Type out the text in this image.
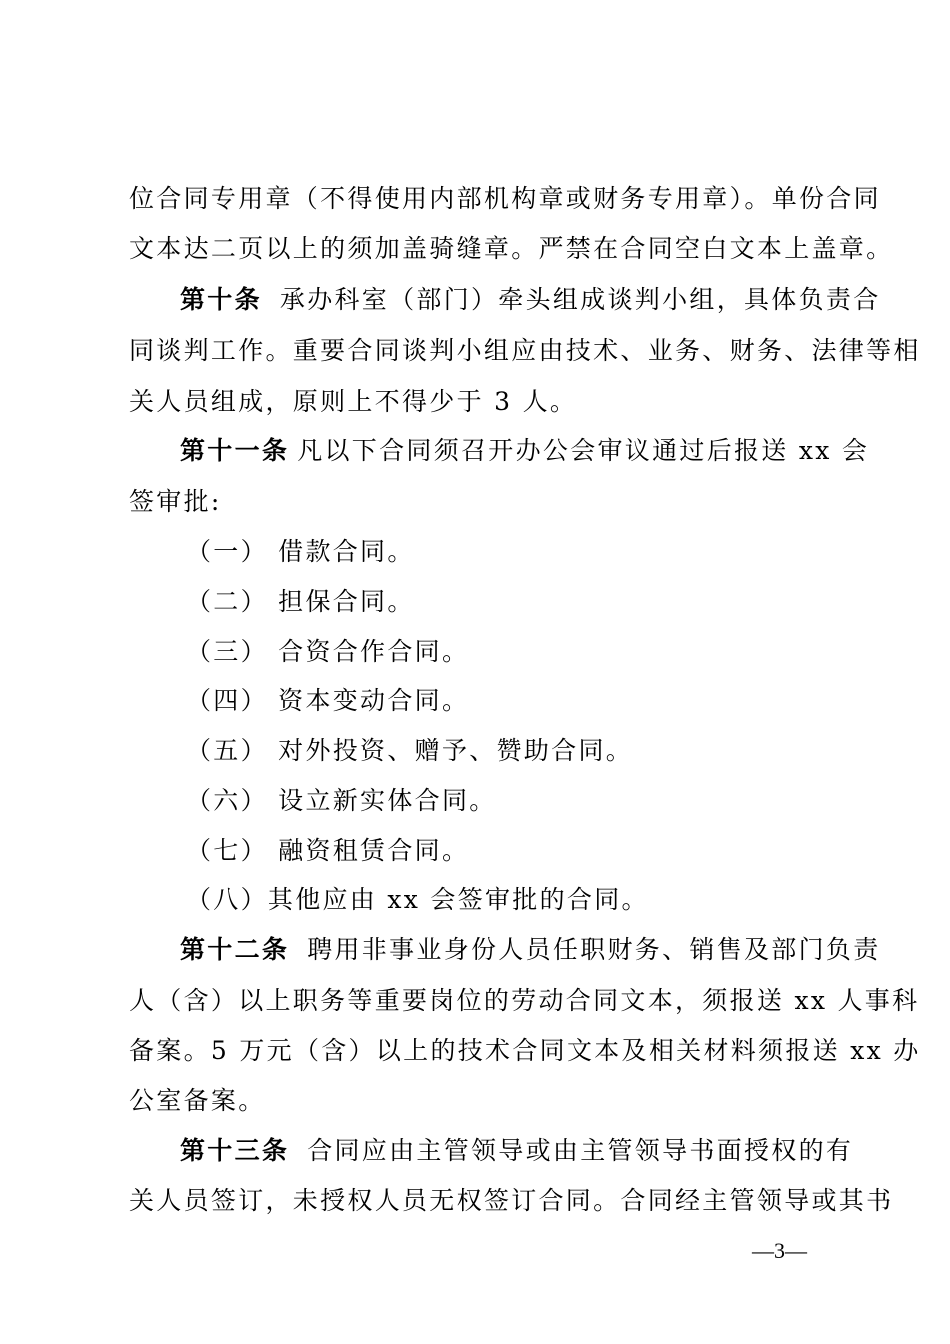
位合同专用章（不得使用内部机构章或财务专用章）。单份合同
文本达二页以上的须加盖骑缝章。严禁在合同空白文本上盖章。
第十条 承办科室（部门）牵头组成谈判小组，具体负责合
同谈判工作。重要合同谈判小组应由技术、业务、财务、法律等相
关人员组成，原则上不得少于 3 人。
第十一条 凡以下合同须召开办公会审议通过后报送 xx 会
签审批:
（一） 借款合同。
（二） 担保合同。
（三） 合资合作合同。
（四） 资本变动合同。
（五） 对外投资、赠予、赞助合同。
（六） 设立新实体合同。
（七） 融资租赁合同。
（八）其他应由 xx 会签审批的合同。
第十二条 聘用非事业身份人员任职财务、销售及部门负责
人（含）以上职务等重要岗位的劳动合同文本，须报送 xx 人事科
备案。5 万元（含）以上的技术合同文本及相关材料须报送 xx 办
公室备案。
第十三条 合同应由主管领导或由主管领导书面授权的有
关人员签订，未授权人员无权签订合同。合同经主管领导或其书
—3—
